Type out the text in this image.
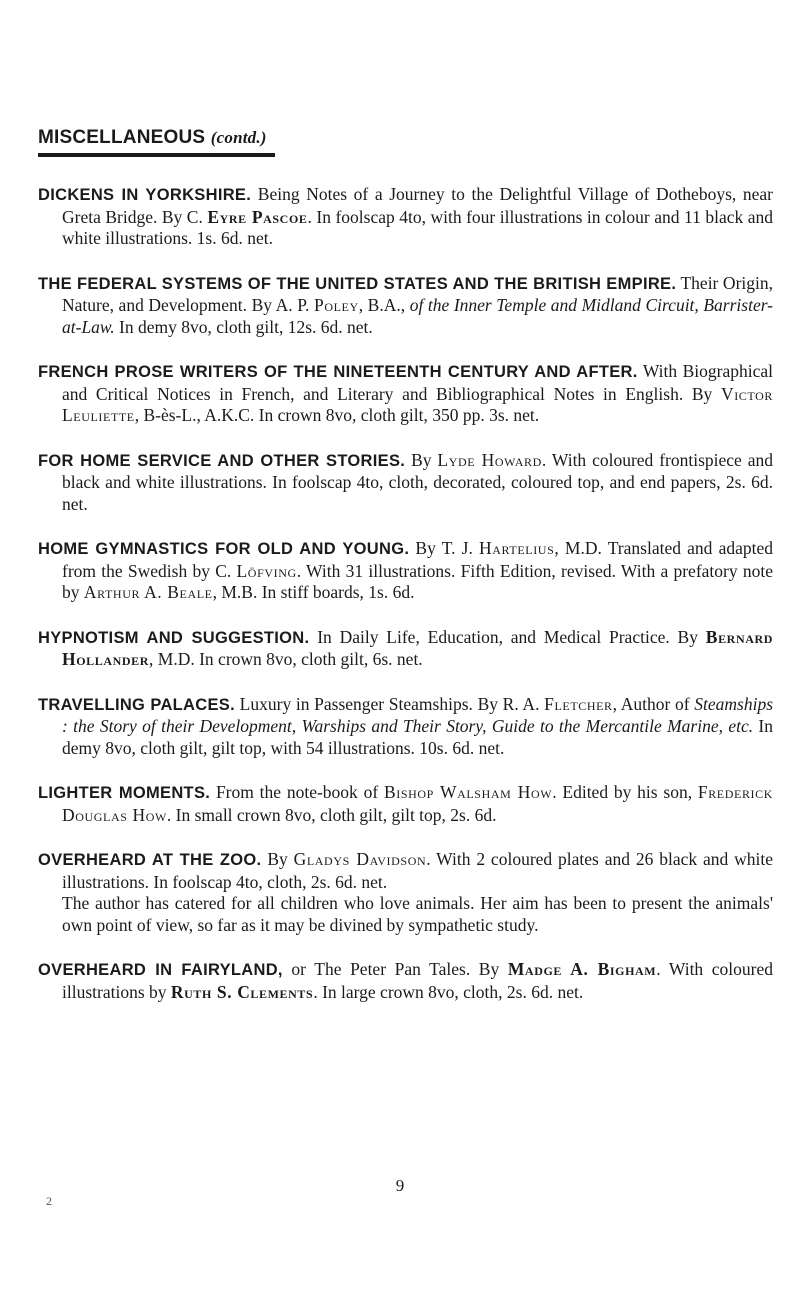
MISCELLANEOUS (contd.)

DICKENS IN YORKSHIRE. Being Notes of a Journey to the Delightful Village of Dotheboys, near Greta Bridge. By C. Eyre Pascoe. In foolscap 4to, with four illustrations in colour and 11 black and white illustrations. 1s. 6d. net.

THE FEDERAL SYSTEMS OF THE UNITED STATES AND THE BRITISH EMPIRE. Their Origin, Nature, and Development. By A. P. Poley, B.A., of the Inner Temple and Midland Circuit, Barrister-at-Law. In demy 8vo, cloth gilt, 12s. 6d. net.

FRENCH PROSE WRITERS OF THE NINETEENTH CENTURY AND AFTER. With Biographical and Critical Notices in French, and Literary and Bibliographical Notes in English. By Victor Leuliette, B-ès-L., A.K.C. In crown 8vo, cloth gilt, 350 pp. 3s. net.

FOR HOME SERVICE AND OTHER STORIES. By Lyde Howard. With coloured frontispiece and black and white illustrations. In foolscap 4to, cloth, decorated, coloured top, and end papers, 2s. 6d. net.

HOME GYMNASTICS FOR OLD AND YOUNG. By T. J. Hartelius, M.D. Translated and adapted from the Swedish by C. Löfving. With 31 illustrations. Fifth Edition, revised. With a prefatory note by Arthur A. Beale, M.B. In stiff boards, 1s. 6d.

HYPNOTISM AND SUGGESTION. In Daily Life, Education, and Medical Practice. By Bernard Hollander, M.D. In crown 8vo, cloth gilt, 6s. net.

TRAVELLING PALACES. Luxury in Passenger Steamships. By R. A. Fletcher, Author of Steamships : the Story of their Development, Warships and Their Story, Guide to the Mercantile Marine, etc. In demy 8vo, cloth gilt, gilt top, with 54 illustrations. 10s. 6d. net.

LIGHTER MOMENTS. From the note-book of Bishop Walsham How. Edited by his son, Frederick Douglas How. In small crown 8vo, cloth gilt, gilt top, 2s. 6d.

OVERHEARD AT THE ZOO. By Gladys Davidson. With 2 coloured plates and 26 black and white illustrations. In foolscap 4to, cloth, 2s. 6d. net.

The author has catered for all children who love animals. Her aim has been to present the animals' own point of view, so far as it may be divined by sympathetic study.

OVERHEARD IN FAIRYLAND, or The Peter Pan Tales. By Madge A. Bigham. With coloured illustrations by Ruth S. Clements. In large crown 8vo, cloth, 2s. 6d. net.

9
2
